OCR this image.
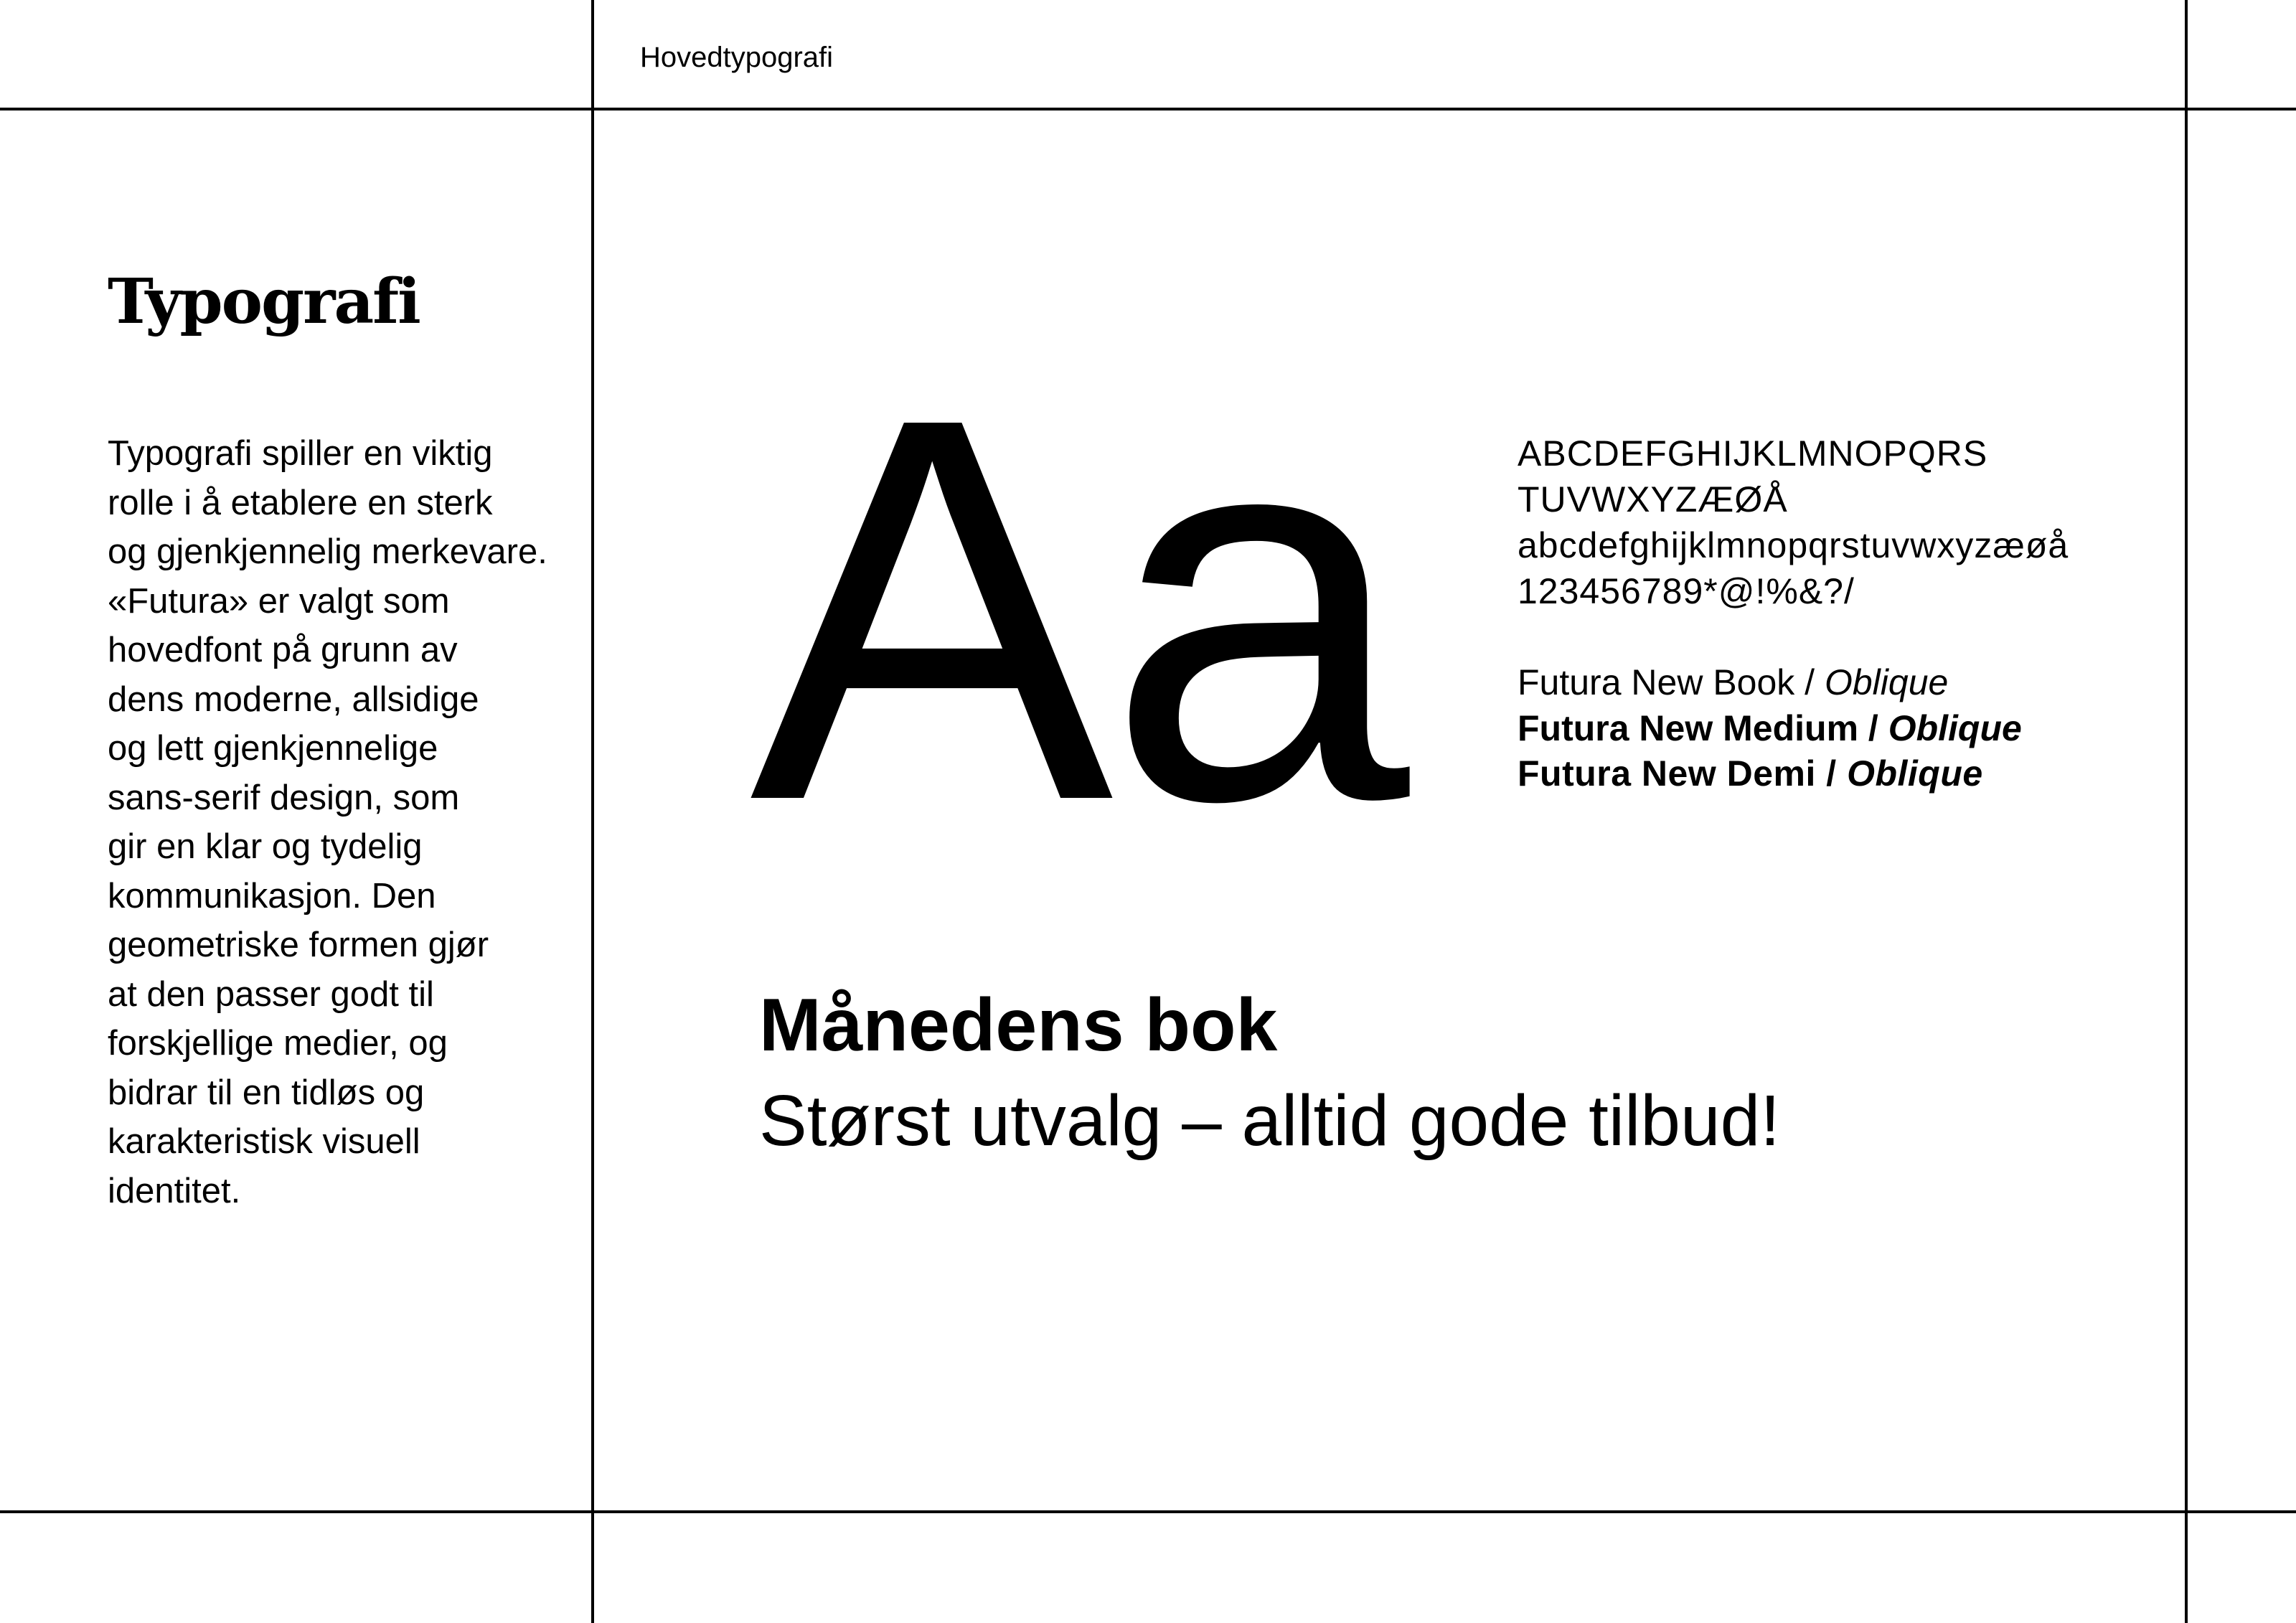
Hovedtypografi
Typografi
Typografi spiller en viktig
rolle i å etablere en sterk
og gjenkjennelig merkevare.
«Futura» er valgt som
hovedfont på grunn av
dens moderne, allsidige
og lett gjenkjennelige
sans-serif design, som
gir en klar og tydelig
kommunikasjon. Den
geometriske formen gjør
at den passer godt til
forskjellige medier, og
bidrar til en tidløs og
karakteristisk visuell
identitet.
Aa	ABCDEFGHIJKLMNOPQRS
TUVWXYZÆØÅ
abcdefghijklmnopqrstuvwxyzæøå
123456789*@!%&?/
Futura New Book / Oblique
Futura New Medium / Oblique
Futura New Demi / Oblique
Månedens bok
Størst utvalg – alltid gode tilbud!
